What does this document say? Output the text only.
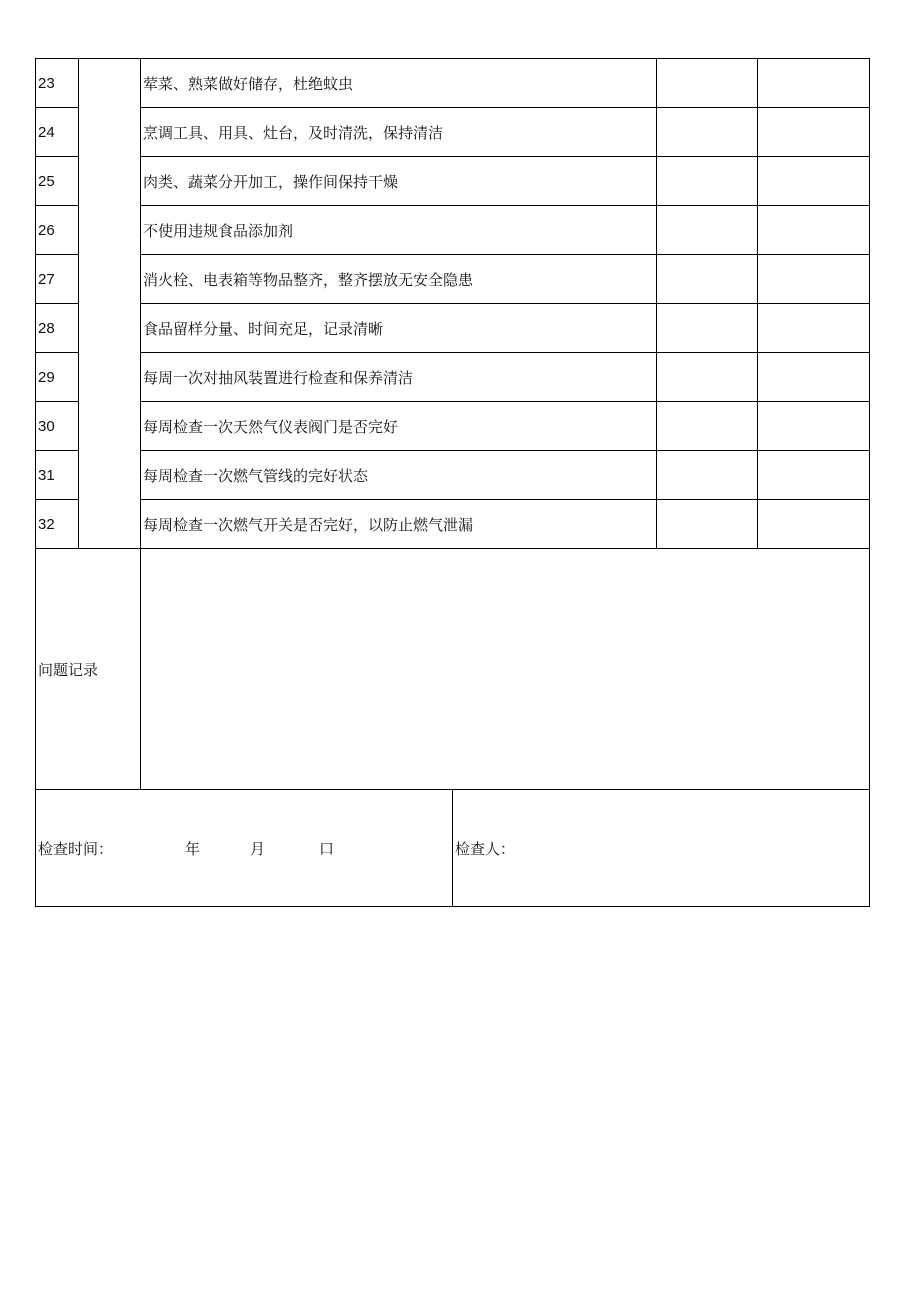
23		荤菜、熟菜做好储存，杜绝蚊虫			
24		烹调工具、用具、灶台，及时清洗，保持清洁			
25		肉类、蔬菜分开加工，操作间保持干燥			
26		不使用违规食品添加剂			
27		消火栓、电表箱等物品整齐，整齐摆放无安全隐患			
28		食品留样分量、时间充足，记录清晰			
29		每周一次对抽风装置进行检查和保养清洁			
30		每周检查一次天然气仪表阀门是否完好			
31		每周检查一次燃气管线的完好状态			
32		每周检查一次燃气开关是否完好，以防止燃气泄漏			
问题记录					
检查时间： 年 月 口			检查人：		
